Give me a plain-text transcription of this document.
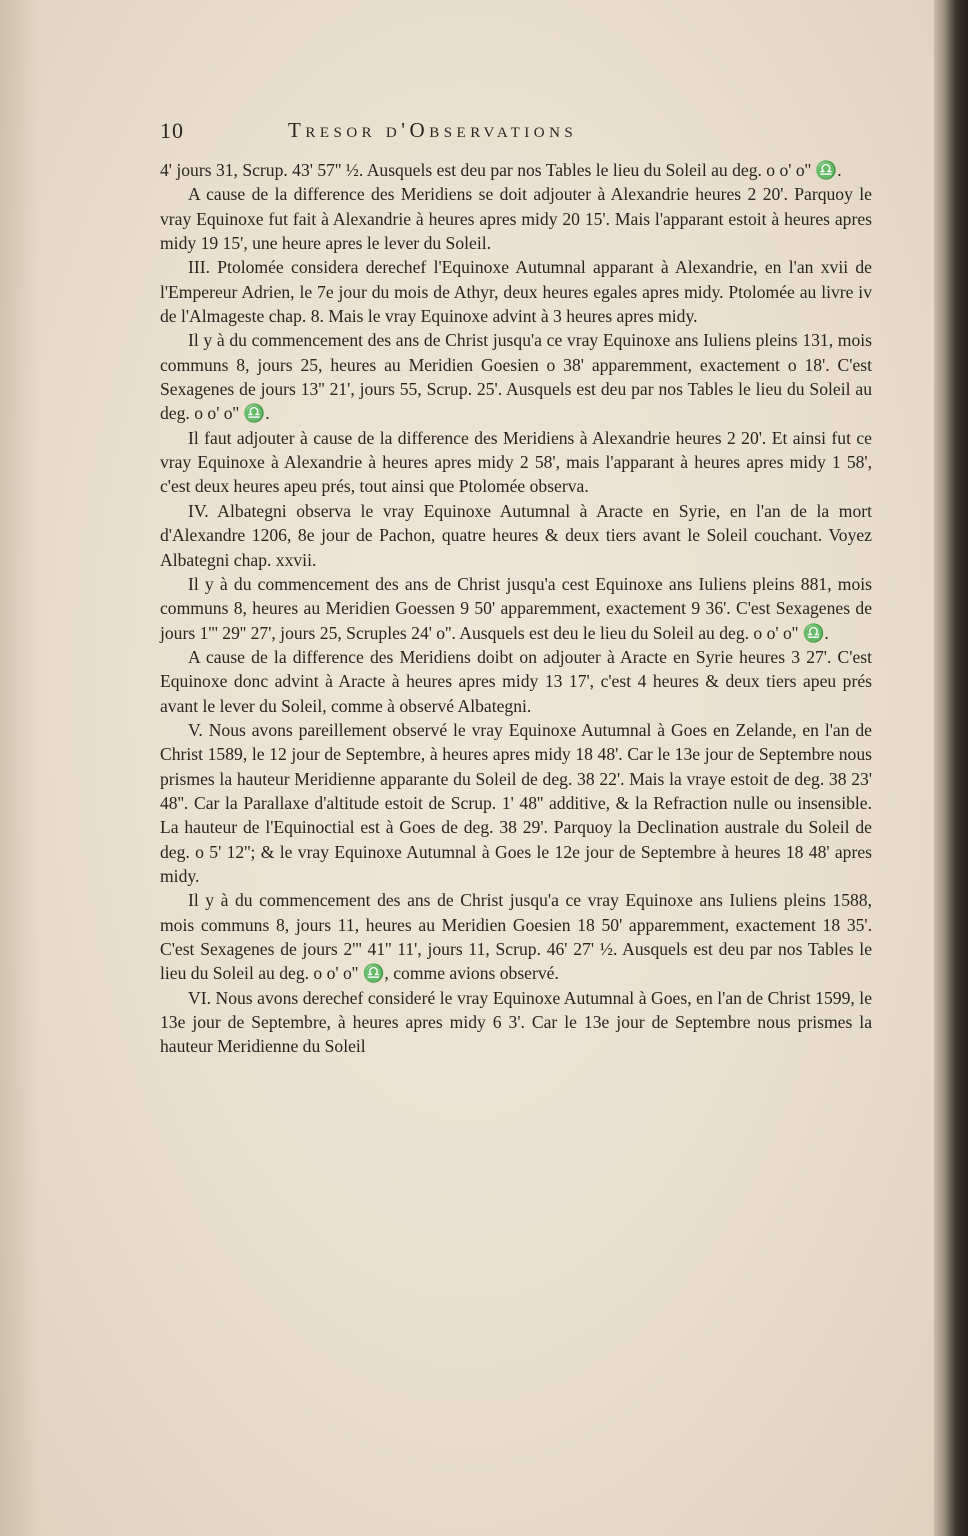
10	Tresor d'Observations

4' jours 31, Scrup. 43' 57'' ½. Ausquels est deu par nos Tables le lieu du Soleil au deg. o o' o'' ♎.

A cause de la difference des Meridiens se doit adjouter à Alexandrie heures 2 20'. Parquoy le vray Equinoxe fut fait à Alexandrie à heures apres midy 20 15'. Mais l'apparant estoit à heures apres midy 19 15', une heure apres le lever du Soleil.

III. Ptolomée considera derechef l'Equinoxe Autumnal apparant à Alexandrie, en l'an xvii de l'Empereur Adrien, le 7e jour du mois de Athyr, deux heures egales apres midy. Ptolomée au livre iv de l'Almageste chap. 8. Mais le vray Equinoxe advint à 3 heures apres midy.

Il y à du commencement des ans de Christ jusqu'a ce vray Equinoxe ans Iuliens pleins 131, mois communs 8, jours 25, heures au Meridien Goesien o 38' apparemment, exactement o 18'. C'est Sexagenes de jours 13'' 21', jours 55, Scrup. 25'. Ausquels est deu par nos Tables le lieu du Soleil au deg. o o' o'' ♎.

Il faut adjouter à cause de la difference des Meridiens à Alexandrie heures 2 20'. Et ainsi fut ce vray Equinoxe à Alexandrie à heures apres midy 2 58', mais l'apparant à heures apres midy 1 58', c'est deux heures apeu prés, tout ainsi que Ptolomée observa.

IV. Albategni observa le vray Equinoxe Autumnal à Aracte en Syrie, en l'an de la mort d'Alexandre 1206, 8e jour de Pachon, quatre heures & deux tiers avant le Soleil couchant. Voyez Albategni chap. xxvii.

Il y à du commencement des ans de Christ jusqu'a cest Equinoxe ans Iuliens pleins 881, mois communs 8, heures au Meridien Goessen 9 50' apparemment, exactement 9 36'. C'est Sexagenes de jours 1''' 29'' 27', jours 25, Scruples 24' o''. Ausquels est deu le lieu du Soleil au deg. o o' o'' ♎.

A cause de la difference des Meridiens doibt on adjouter à Aracte en Syrie heures 3 27'. C'est Equinoxe donc advint à Aracte à heures apres midy 13 17', c'est 4 heures & deux tiers apeu prés avant le lever du Soleil, comme à observé Albategni.

V. Nous avons pareillement observé le vray Equinoxe Autumnal à Goes en Zelande, en l'an de Christ 1589, le 12 jour de Septembre, à heures apres midy 18 48'. Car le 13e jour de Septembre nous prismes la hauteur Meridienne apparante du Soleil de deg. 38 22'. Mais la vraye estoit de deg. 38 23' 48''. Car la Parallaxe d'altitude estoit de Scrup. 1' 48'' additive, & la Refraction nulle ou insensible. La hauteur de l'Equinoctial est à Goes de deg. 38 29'. Parquoy la Declination australe du Soleil de deg. o 5' 12''; & le vray Equinoxe Autumnal à Goes le 12e jour de Septembre à heures 18 48' apres midy.

Il y à du commencement des ans de Christ jusqu'a ce vray Equinoxe ans Iuliens pleins 1588, mois communs 8, jours 11, heures au Meridien Goesien 18 50' apparemment, exactement 18 35'. C'est Sexagenes de jours 2''' 41'' 11', jours 11, Scrup. 46' 27' ½. Ausquels est deu par nos Tables le lieu du Soleil au deg. o o' o'' ♎, comme avions observé.

VI. Nous avons derechef consideré le vray Equinoxe Autumnal à Goes, en l'an de Christ 1599, le 13e jour de Septembre, à heures apres midy 6 3'. Car le 13e jour de Septembre nous prismes la hauteur Meridienne du Soleil
